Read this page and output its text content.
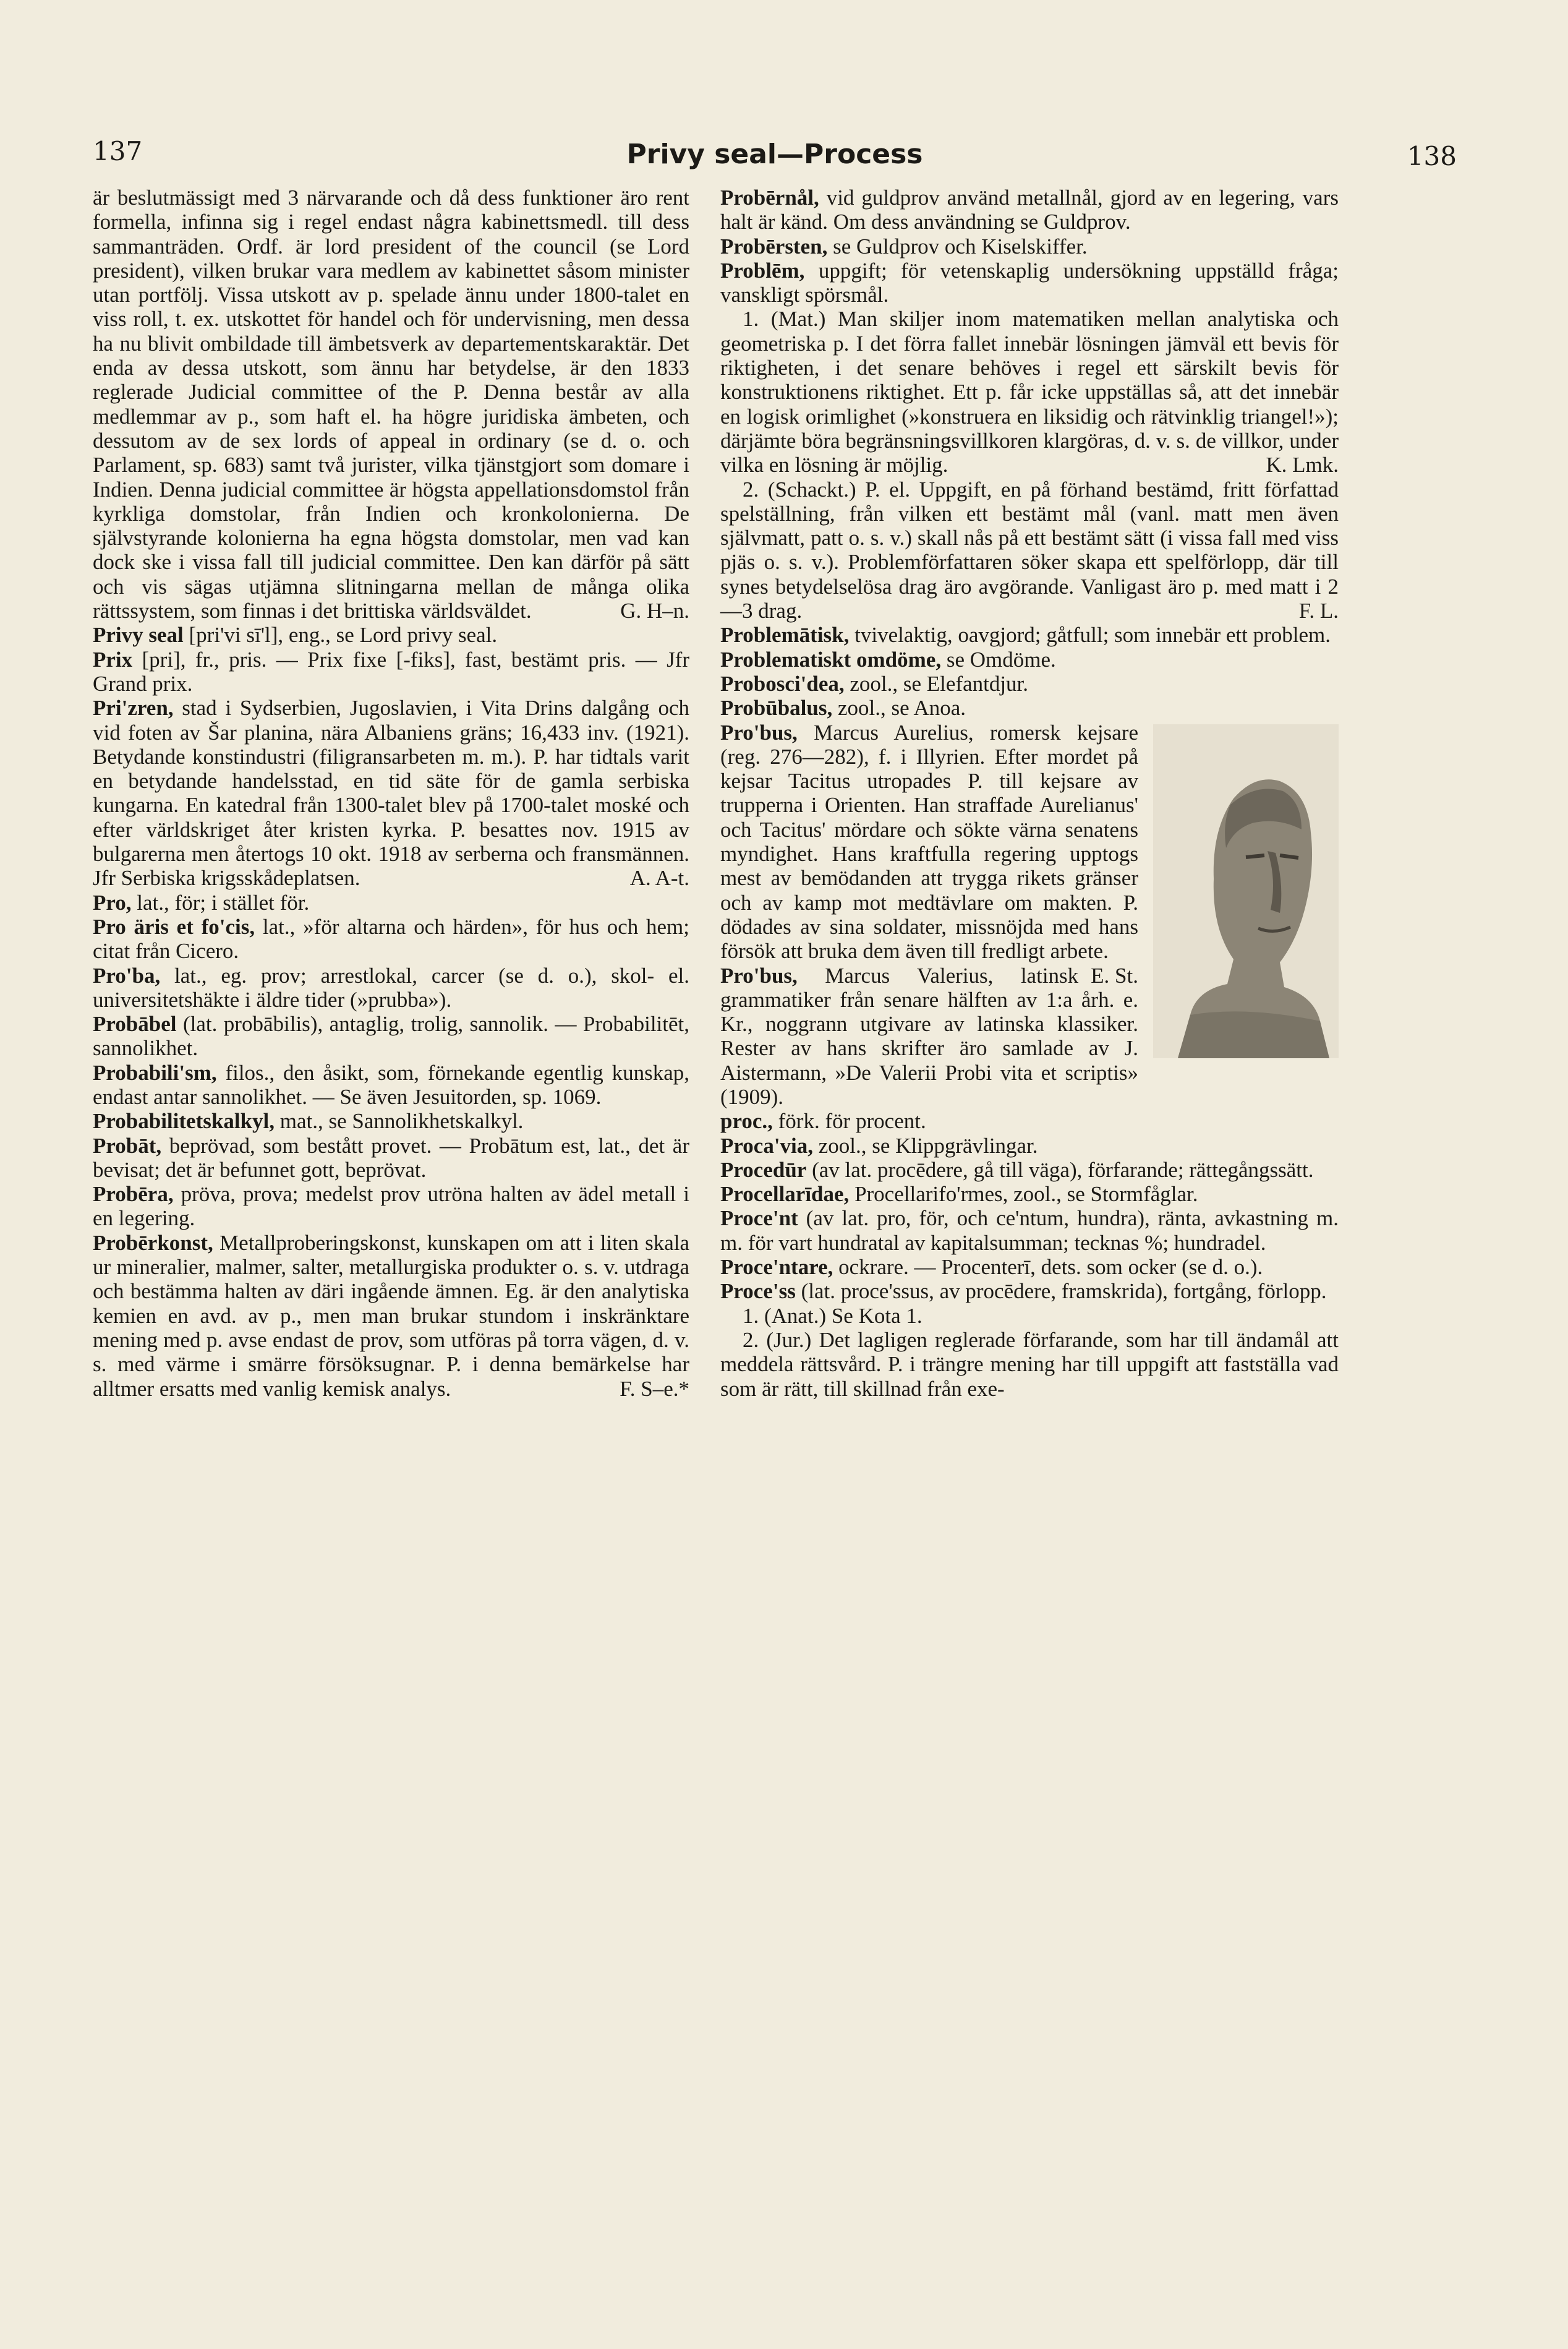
137	Privy seal—Process	138

är beslutmässigt med 3 närvarande och då dess funktioner äro rent formella, infinna sig i regel endast några kabinettsmedl. till dess sammanträden. Ordf. är lord president of the council (se Lord president), vilken brukar vara medlem av kabinettet såsom minister utan portfölj. Vissa utskott av p. spelade ännu under 1800-talet en viss roll, t. ex. utskottet för handel och för undervisning, men dessa ha nu blivit ombildade till ämbetsverk av departementskaraktär. Det enda av dessa utskott, som ännu har betydelse, är den 1833 reglerade Judicial committee of the P. Denna består av alla medlemmar av p., som haft el. ha högre juridiska ämbeten, och dessutom av de sex lords of appeal in ordinary (se d. o. och Parlament, sp. 683) samt två jurister, vilka tjänstgjort som domare i Indien. Denna judicial committee är högsta appellationsdomstol från kyrkliga domstolar, från Indien och kronkolonierna. De självstyrande kolonierna ha egna högsta domstolar, men vad kan dock ske i vissa fall till judicial committee. Den kan därför på sätt och vis sägas utjämna slitningarna mellan de många olika rättssystem, som finnas i det brittiska världsväldet.	G. H–n.

Privy seal [pri'vi sī'l], eng., se Lord privy seal.

Prix [pri], fr., pris. — Prix fixe [-fiks], fast, bestämt pris. — Jfr Grand prix.

Pri'zren, stad i Sydserbien, Jugoslavien, i Vita Drins dalgång och vid foten av Šar planina, nära Albaniens gräns; 16,433 inv. (1921). Betydande konstindustri (filigransarbeten m. m.). P. har tidtals varit en betydande handelsstad, en tid säte för de gamla serbiska kungarna. En katedral från 1300-talet blev på 1700-talet moské och efter världskriget åter kristen kyrka. P. besattes nov. 1915 av bulgarerna men återtogs 10 okt. 1918 av serberna och fransmännen. Jfr Serbiska krigsskådeplatsen.	A. A-t.

Pro, lat., för; i stället för.

Pro äris et fo'cis, lat., »för altarna och härden», för hus och hem; citat från Cicero.

Pro'ba, lat., eg. prov; arrestlokal, carcer (se d. o.), skol- el. universitetshäkte i äldre tider (»prubba»).

Probābel (lat. probābilis), antaglig, trolig, sannolik. — Probabilitēt, sannolikhet.

Probabili'sm, filos., den åsikt, som, förnekande egentlig kunskap, endast antar sannolikhet. — Se även Jesuitorden, sp. 1069.

Probabilitetskalkyl, mat., se Sannolikhetskalkyl.

Probāt, beprövad, som bestått provet. — Probātum est, lat., det är bevisat; det är befunnet gott, beprövat.

Probēra, pröva, prova; medelst prov utröna halten av ädel metall i en legering.

Probērkonst, Metallproberingskonst, kunskapen om att i liten skala ur mineralier, malmer, salter, metallurgiska produkter o. s. v. utdraga och bestämma halten av däri ingående ämnen. Eg. är den analytiska kemien en avd. av p., men man brukar stundom i inskränktare mening med p. avse endast de prov, som utföras på torra vägen, d. v. s. med värme i smärre försöksugnar. P. i denna bemärkelse har alltmer ersatts med vanlig kemisk analys.	F. S–e.*

Probērnål, vid guldprov använd metallnål, gjord av en legering, vars halt är känd. Om dess användning se Guldprov.

Probērsten, se Guldprov och Kiselskiffer.

Problēm, uppgift; för vetenskaplig undersökning uppställd fråga; vanskligt spörsmål.

1. (Mat.) Man skiljer inom matematiken mellan analytiska och geometriska p. I det förra fallet innebär lösningen jämväl ett bevis för riktigheten, i det senare behöves i regel ett särskilt bevis för konstruktionens riktighet. Ett p. får icke uppställas så, att det innebär en logisk orimlighet (»konstruera en liksidig och rätvinklig triangel!»); därjämte böra begränsningsvillkoren klargöras, d. v. s. de villkor, under vilka en lösning är möjlig.	K. Lmk.

2. (Schackt.) P. el. Uppgift, en på förhand bestämd, fritt författad spelställning, från vilken ett bestämt mål (vanl. matt men även självmatt, patt o. s. v.) skall nås på ett bestämt sätt (i vissa fall med viss pjäs o. s. v.). Problemförfattaren söker skapa ett spelförlopp, där till synes betydelselösa drag äro avgörande. Vanligast äro p. med matt i 2—3 drag.	F. L.

Problemātisk, tvivelaktig, oavgjord; gåtfull; som innebär ett problem.

Problematiskt omdöme, se Omdöme.

Probosci'dea, zool., se Elefantdjur.

Probūbalus, zool., se Anoa.

Pro'bus, Marcus Aurelius, romersk kejsare (reg. 276—282), f. i Illyrien. Efter mordet på kejsar Tacitus utropades P. till kejsare av trupperna i Orienten. Han straffade Aurelianus' och Tacitus' mördare och sökte värna senatens myndighet. Hans kraftfulla regering upptogs mest av bemödanden att trygga rikets gränser och av kamp mot medtävlare om makten. P. dödades av sina soldater, missnöjda med hans försök att bruka dem även till fredligt arbete.
E. St.

Pro'bus, Marcus Valerius, latinsk grammatiker från senare hälften av 1:a årh. e. Kr., noggrann utgivare av latinska klassiker. Rester av hans skrifter äro samlade av J. Aistermann, »De Valerii Probi vita et scriptis» (1909).

proc., förk. för procent.

Proca'via, zool., se Klippgrävlingar.

Procedūr (av lat. procēdere, gå till väga), förfarande; rättegångssätt.

Procellarīdae, Procellarifo'rmes, zool., se Stormfåglar.

Proce'nt (av lat. pro, för, och ce'ntum, hundra), ränta, avkastning m. m. för vart hundratal av kapitalsumman; tecknas %; hundradel.

Proce'ntare, ockrare. — Procenterī, dets. som ocker (se d. o.).

Proce'ss (lat. proce'ssus, av procēdere, framskrida), fortgång, förlopp.

1. (Anat.) Se Kota 1.

2. (Jur.) Det lagligen reglerade förfarande, som har till ändamål att meddela rättsvård. P. i trängre mening har till uppgift att fastställa vad som är rätt, till skillnad från exe-
